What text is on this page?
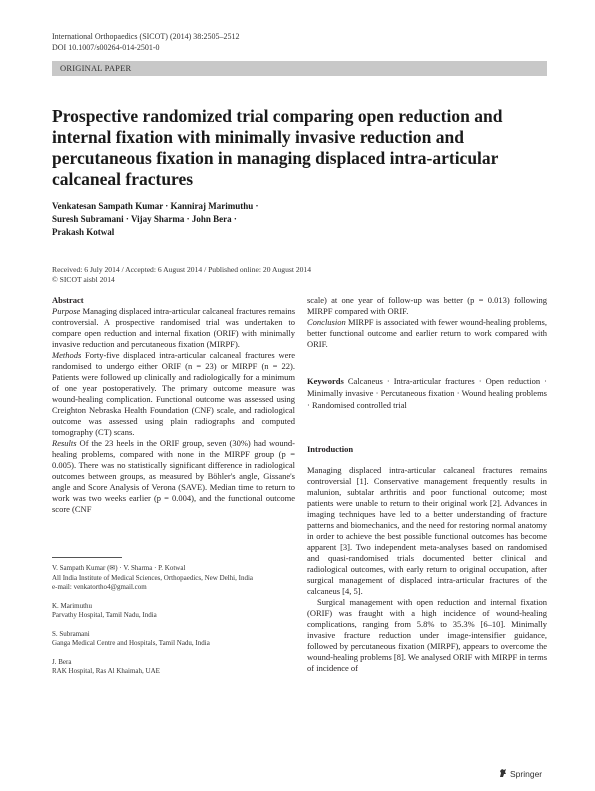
International Orthopaedics (SICOT) (2014) 38:2505–2512
DOI 10.1007/s00264-014-2501-0
ORIGINAL PAPER
Prospective randomized trial comparing open reduction and internal fixation with minimally invasive reduction and percutaneous fixation in managing displaced intra-articular calcaneal fractures
Venkatesan Sampath Kumar · Kanniraj Marimuthu ·
Suresh Subramani · Vijay Sharma · John Bera ·
Prakash Kotwal
Received: 6 July 2014 / Accepted: 6 August 2014 / Published online: 20 August 2014
© SICOT aisbl 2014

Abstract

Purpose Managing displaced intra-articular calcaneal fractures remains controversial. A prospective randomised trial was undertaken to compare open reduction and internal fixation (ORIF) with minimally invasive reduction and percutaneous fixation (MIRPF).

Methods Forty-five displaced intra-articular calcaneal fractures were randomised to undergo either ORIF (n = 23) or MIRPF (n = 22). Patients were followed up clinically and radiologically for a minimum of one year postoperatively. The primary outcome measure was wound-healing complication. Functional outcome was assessed using Creighton Nebraska Health Foundation (CNF) scale, and radiological outcome was assessed using plain radiographs and computed tomography (CT) scans.

Results Of the 23 heels in the ORIF group, seven (30%) had wound-healing problems, compared with none in the MIRPF group (p = 0.005). There was no statistically significant difference in radiological outcomes between groups, as measured by Böhler's angle, Gissane's angle and Score Analysis of Verona (SAVE). Median time to return to work was two weeks earlier (p = 0.004), and the functional outcome score (CNF

scale) at one year of follow-up was better (p = 0.013) following MIRPF compared with ORIF.

Conclusion MIRPF is associated with fewer wound-healing problems, better functional outcome and earlier return to work compared with ORIF.

Keywords Calcaneus · Intra-articular fractures · Open reduction · Minimally invasive · Percutaneous fixation · Wound healing problems · Randomised controlled trial
Introduction

Managing displaced intra-articular calcaneal fractures remains controversial [1]. Conservative management frequently results in malunion, subtalar arthritis and poor functional outcome; most patients were unable to return to their original work [2]. Advances in imaging techniques have led to a better understanding of fracture patterns and biomechanics, and the need for restoring normal anatomy in order to achieve the best possible functional outcomes has become apparent [3]. Two independent meta-analyses based on randomised and quasi-randomised trials documented better clinical and radiological outcomes, with early return to original occupation, after surgical management of displaced intra-articular fractures of the calcaneus [4, 5].

Surgical management with open reduction and internal fixation (ORIF) was fraught with a high incidence of wound-healing complications, ranging from 5.8% to 35.3% [6–10]. Minimally invasive fracture reduction under image-intensifier guidance, followed by percutaneous fixation (MIRPF), appears to overcome the wound-healing problems [8]. We analysed ORIF with MIRPF in terms of incidence of

V. Sampath Kumar (✉) · V. Sharma · P. Kotwal
All India Institute of Medical Sciences, Orthopaedics, New Delhi, India
e-mail: venkatortho4@gmail.com
K. Marimuthu
Parvathy Hospital, Tamil Nadu, India
S. Subramani
Ganga Medical Centre and Hospitals, Tamil Nadu, India
J. Bera
RAK Hospital, Ras Al Khaimah, UAE
Springer
